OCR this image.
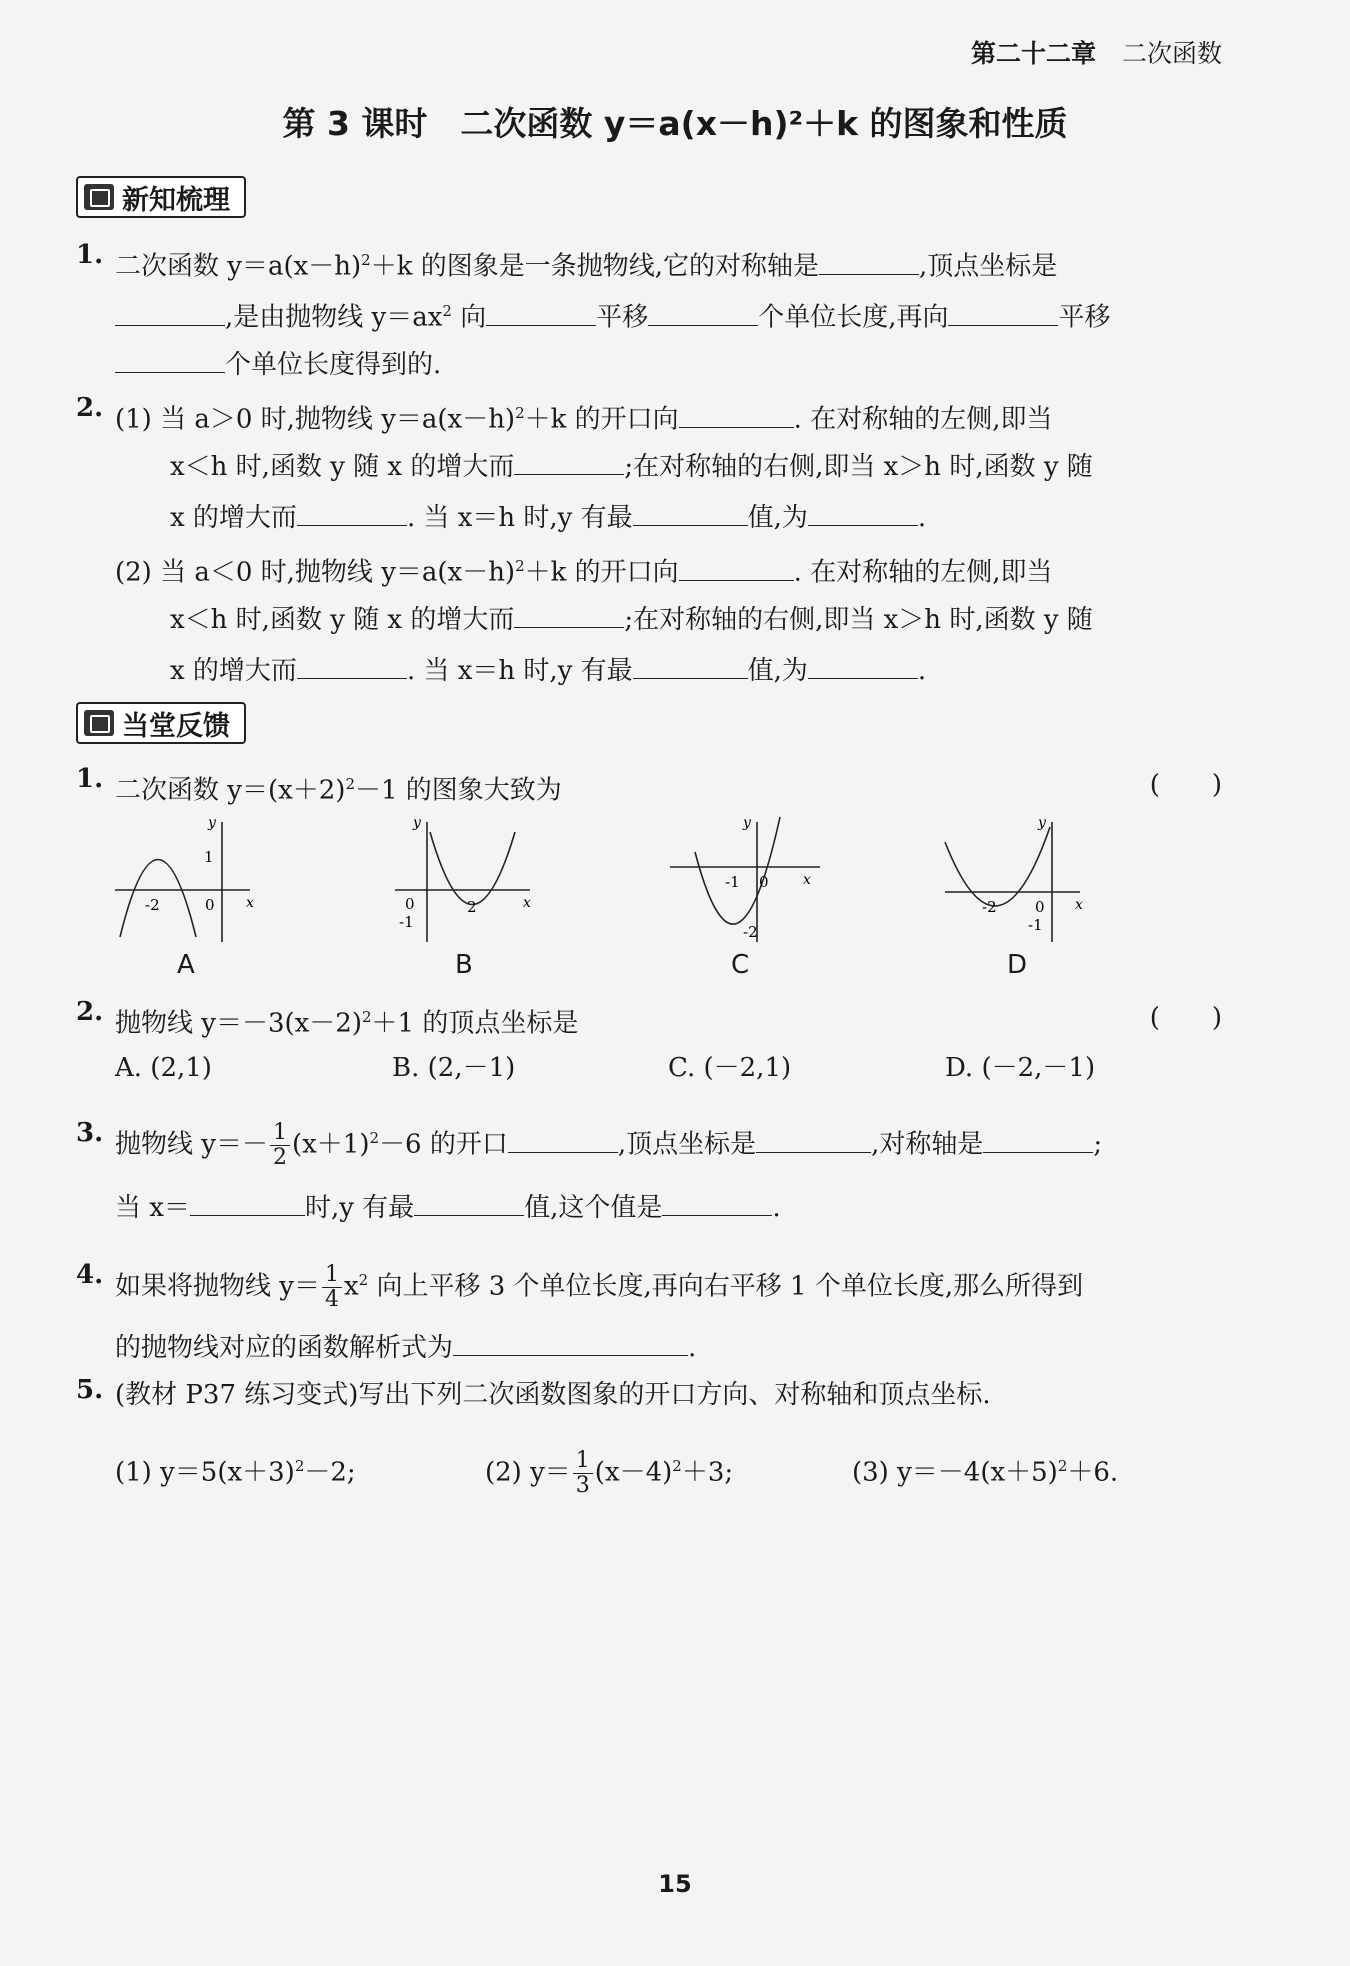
第二十二章 二次函数
第 3 课时　二次函数 y＝a(x－h)²＋k 的图象和性质
新知梳理
1. 二次函数 $y=a(x-h)^2+k$ 的图象是一条抛物线,它的对称轴是	,顶点坐标是
,是由抛物线 $y=ax^2$ 向	平移	个单位长度,再向	平移
个单位长度得到的.
2. (1) 当 a＞0 时,抛物线 $y=a(x-h)^2+k$ 的开口向	. 在对称轴的左侧,即当
x＜h 时,函数 y 随 x 的增大而	;在对称轴的右侧,即当 x＞h 时,函数 y 随
x 的增大而	. 当 x＝h 时,y 有最	值,为	.
(2) 当 a＜0 时,抛物线 $y=a(x-h)^2+k$ 的开口向	. 在对称轴的左侧,即当
x＜h 时,函数 y 随 x 的增大而	;在对称轴的右侧,即当 x＞h 时,函数 y 随
x 的增大而	. 当 x＝h 时,y 有最	值,为	.
当堂反馈
1. 二次函数 $y=(x+2)^2-1$ 的图象大致为	(　　)
1
-2	0 x
y
0	2
-1
x
y
-1 0
-2
x
y
-2	0
-1
x
y
A	B	C	D
2. 抛物线 $y=-3(x-2)^2+1$ 的顶点坐标是	(　　)
A. (2,1)	B. (2,－1)	C. (－2,1)	D. (－2,－1)
3. 抛物线 $y=- \frac{1}{2} (x+1)^2-6$ 的开口	,顶点坐标是	,对称轴是	;
当 x＝	时,y 有最	值,这个值是	.
4. 如果将抛物线 $y= \frac{1}{4} x^2$ 向上平移 3 个单位长度,再向右平移 1 个单位长度,那么所得到
的抛物线对应的函数解析式为	.
5. (教材 P37 练习变式)写出下列二次函数图象的开口方向、对称轴和顶点坐标.
(1) $y=5(x+3)^2-2$;	(2) $y= \frac{1}{3} (x-4)^2+3$;	(3) $y=-4(x+5)^2+6$.
15
